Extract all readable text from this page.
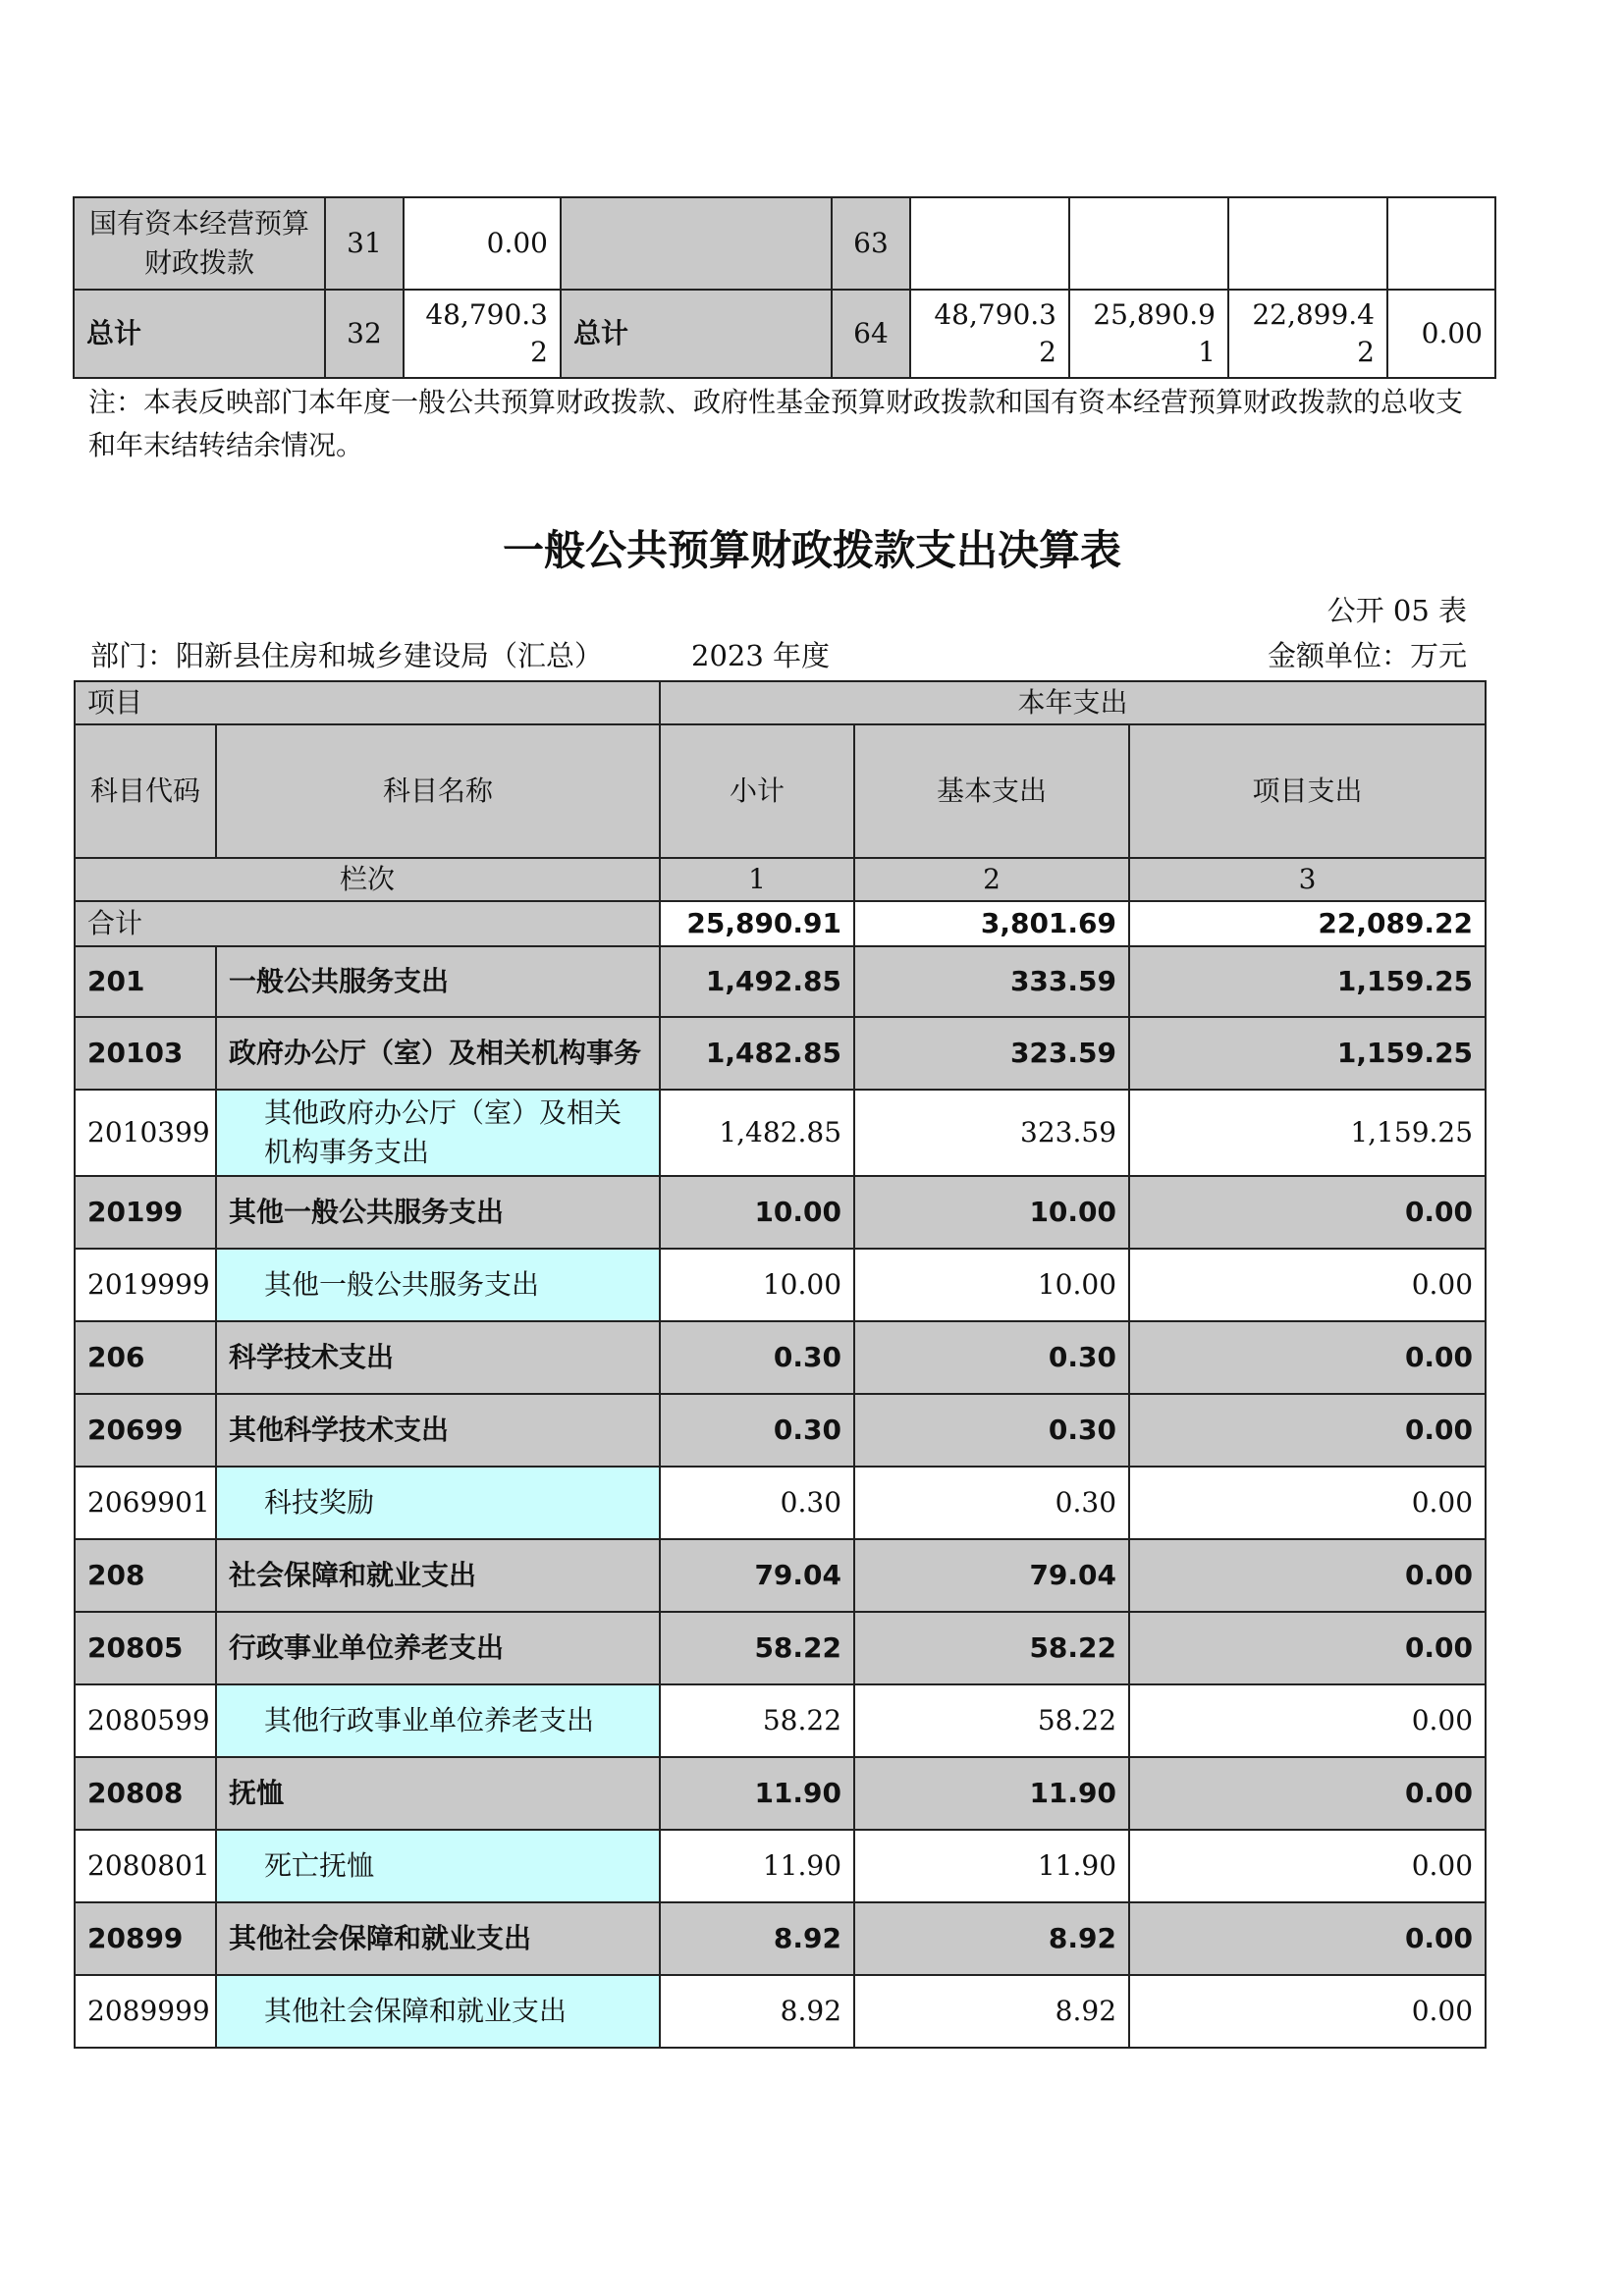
国有资本经营预算财政拨款	31	0.00		63				
总计	32	48,790.32	总计	64	48,790.32	25,890.91	22,899.42	0.00
注：本表反映部门本年度一般公共预算财政拨款、政府性基金预算财政拨款和国有资本经营预算财政拨款的总收支和年末结转结余情况。
一般公共预算财政拨款支出决算表
公开 05 表
部门：阳新县住房和城乡建设局（汇总）	2023 年度	金额单位：万元
项目		本年支出		
科目代码	科目名称	小计	基本支出	项目支出
栏次		1	2	3
合计		25,890.91	3,801.69	22,089.22
201	一般公共服务支出	1,492.85	333.59	1,159.25
20103	政府办公厅（室）及相关机构事务	1,482.85	323.59	1,159.25
2010399	其他政府办公厅（室）及相关机构事务支出	1,482.85	323.59	1,159.25
20199	其他一般公共服务支出	10.00	10.00	0.00
2019999	其他一般公共服务支出	10.00	10.00	0.00
206	科学技术支出	0.30	0.30	0.00
20699	其他科学技术支出	0.30	0.30	0.00
2069901	科技奖励	0.30	0.30	0.00
208	社会保障和就业支出	79.04	79.04	0.00
20805	行政事业单位养老支出	58.22	58.22	0.00
2080599	其他行政事业单位养老支出	58.22	58.22	0.00
20808	抚恤	11.90	11.90	0.00
2080801	死亡抚恤	11.90	11.90	0.00
20899	其他社会保障和就业支出	8.92	8.92	0.00
2089999	其他社会保障和就业支出	8.92	8.92	0.00
